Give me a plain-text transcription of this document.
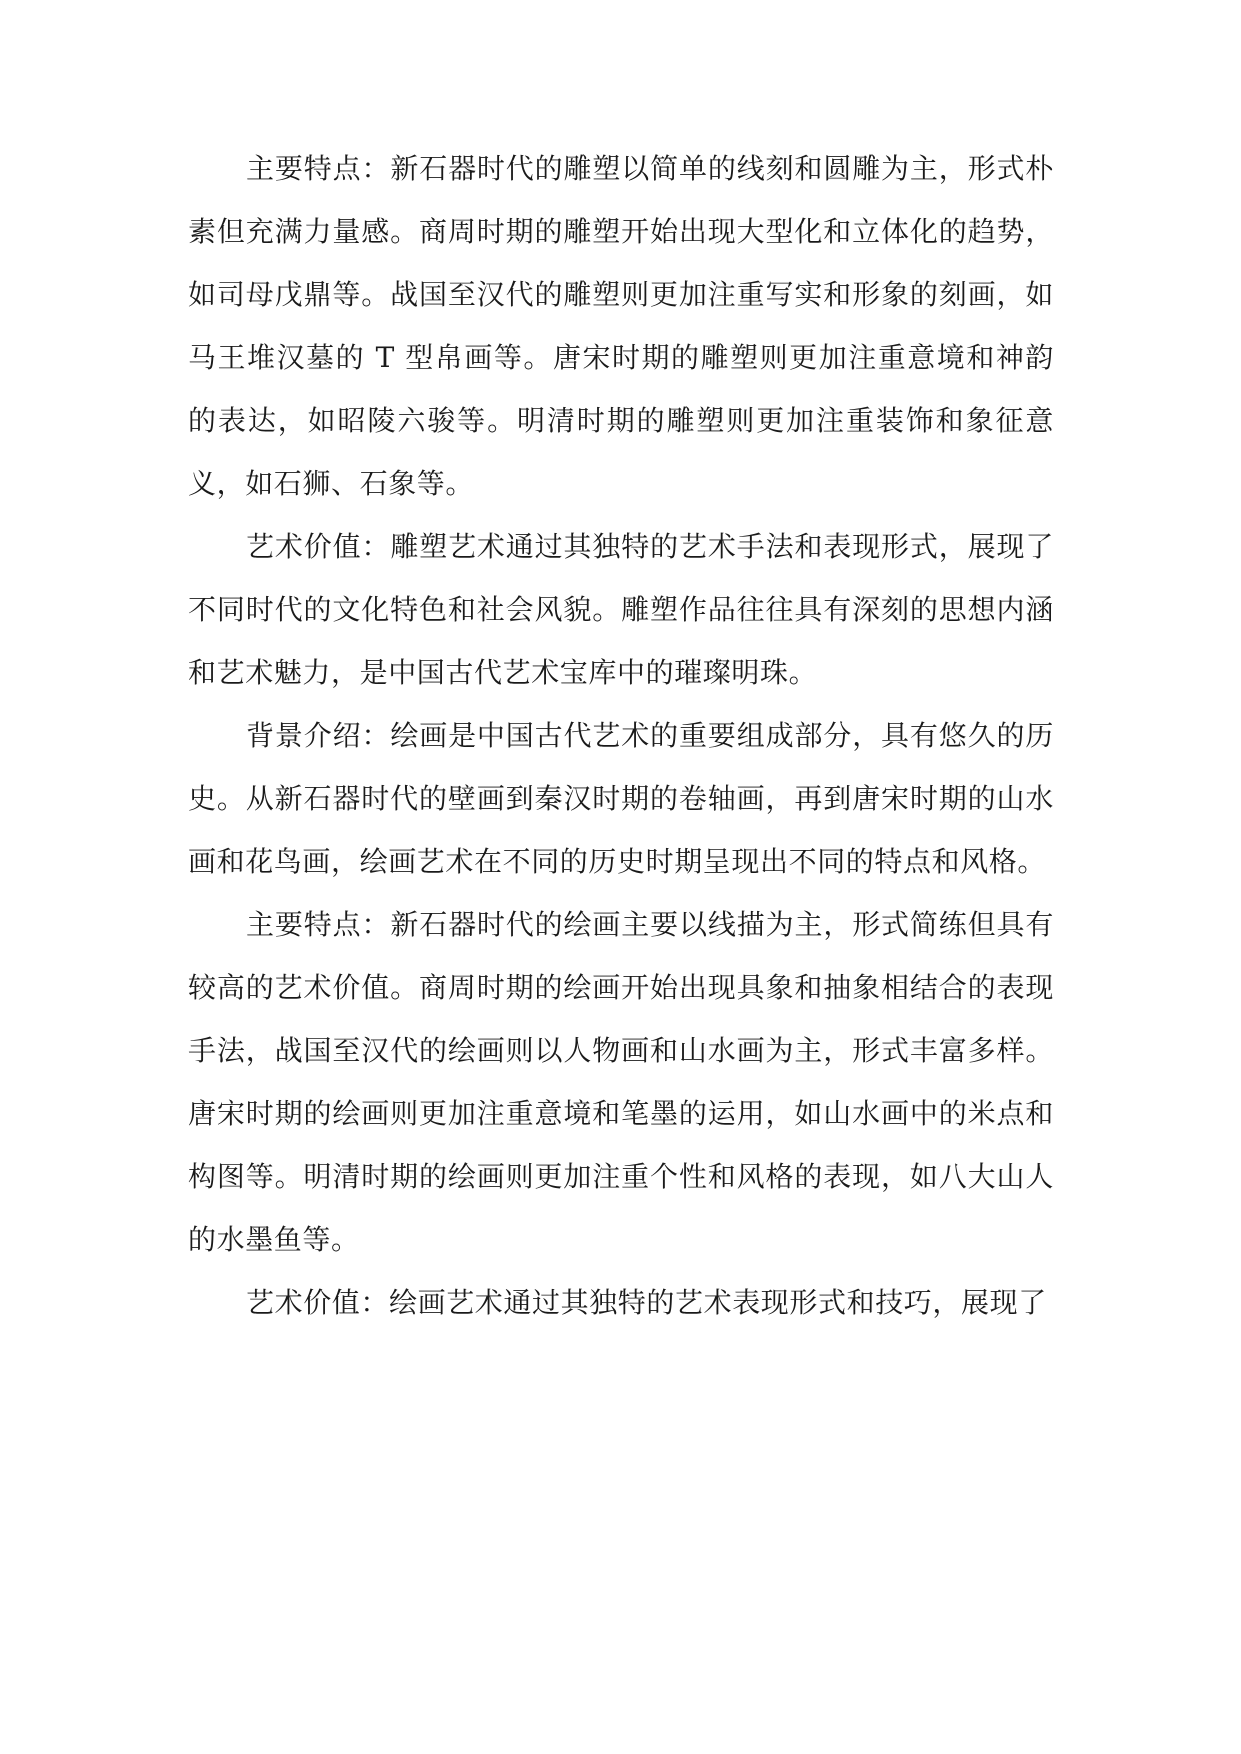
主要特点：新石器时代的雕塑以简单的线刻和圆雕为主，形式朴素但充满力量感。商周时期的雕塑开始出现大型化和立体化的趋势，如司母戊鼎等。战国至汉代的雕塑则更加注重写实和形象的刻画，如马王堆汉墓的 T 型帛画等。唐宋时期的雕塑则更加注重意境和神韵的表达，如昭陵六骏等。明清时期的雕塑则更加注重装饰和象征意义，如石狮、石象等。

艺术价值：雕塑艺术通过其独特的艺术手法和表现形式，展现了不同时代的文化特色和社会风貌。雕塑作品往往具有深刻的思想内涵和艺术魅力，是中国古代艺术宝库中的璀璨明珠。

背景介绍：绘画是中国古代艺术的重要组成部分，具有悠久的历史。从新石器时代的壁画到秦汉时期的卷轴画，再到唐宋时期的山水画和花鸟画，绘画艺术在不同的历史时期呈现出不同的特点和风格。

主要特点：新石器时代的绘画主要以线描为主，形式简练但具有较高的艺术价值。商周时期的绘画开始出现具象和抽象相结合的表现手法，战国至汉代的绘画则以人物画和山水画为主，形式丰富多样。唐宋时期的绘画则更加注重意境和笔墨的运用，如山水画中的米点和构图等。明清时期的绘画则更加注重个性和风格的表现，如八大山人的水墨鱼等。

艺术价值：绘画艺术通过其独特的艺术表现形式和技巧，展现了
